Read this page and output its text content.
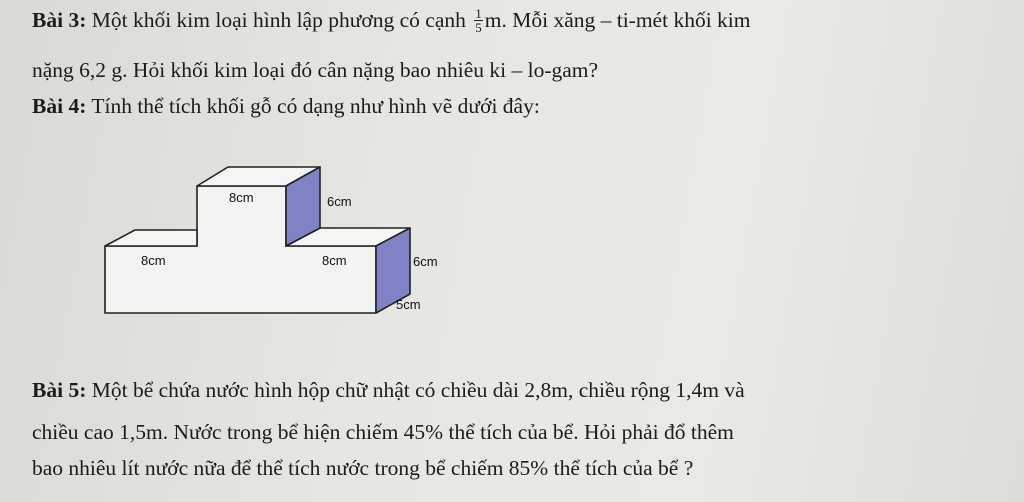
Bài 3: Một khối kim loại hình lập phương có cạnh $\frac{1}{5} m$. Mỗi xăng – ti-mét khối kim
nặng 6,2 g. Hỏi khối kim loại đó cân nặng bao nhiêu ki – lo-gam?
Bài 4: Tính thể tích khối gỗ có dạng như hình vẽ dưới đây:
8cm	6cm
8cm	8cm	6cm
5cm
Bài 5: Một bể chứa nước hình hộp chữ nhật có chiều dài 2,8m, chiều rộng 1,4m và
chiều cao 1,5m. Nước trong bể hiện chiếm 45% thể tích của bể. Hỏi phải đổ thêm
bao nhiêu lít nước nữa để thể tích nước trong bể chiếm 85% thể tích của bể ?
